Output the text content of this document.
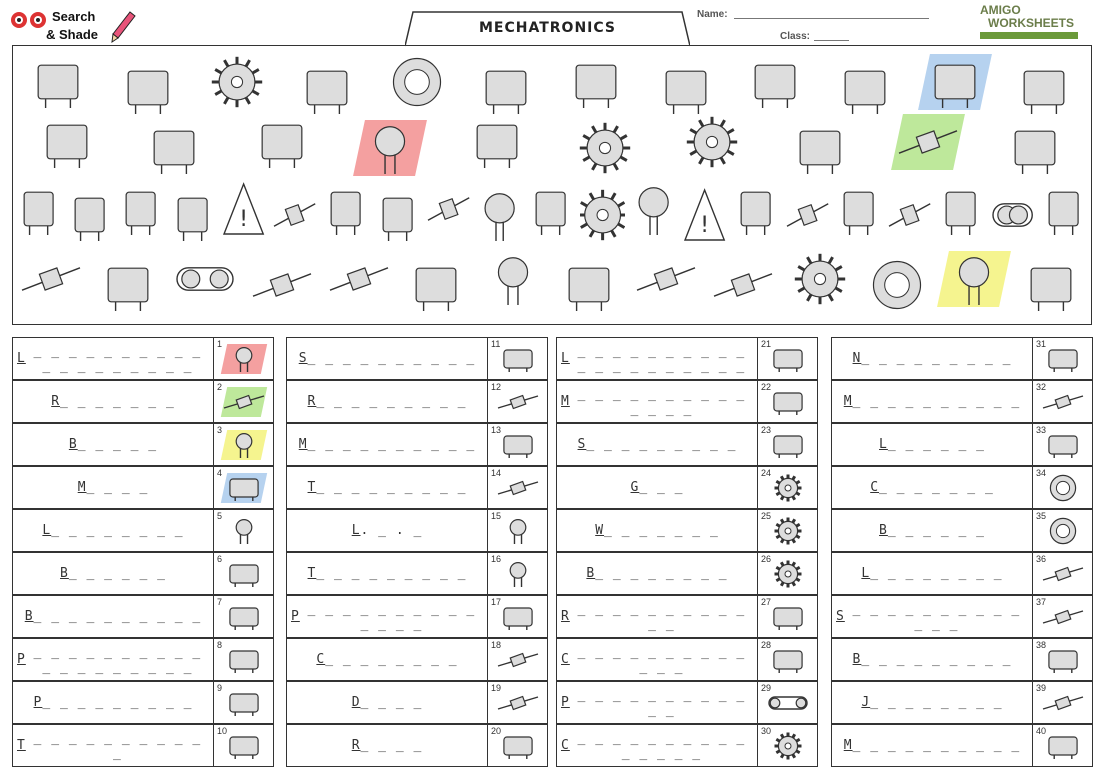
Search
& Shade	MECHATRONICS
Name:
Class:
AMIGO
WORKSHEETS
!	!
L _ _ _ _ _ _ _ _ _ _ _ _ _ _ _ _ _ _ _
1
R _ _ _ _ _ _ _
2
B _ _ _ _ _
3
M _ _ _ _
4
L _ _ _ _ _ _ _ _
5
B _ _ _ _ _ _
6
B _ _ _ _ _ _ _ _ _ _
7
P _ _ _ _ _ _ _ _ _ _ _ _ _ _ _ _ _ _ _
8
P _ _ _ _ _ _ _ _ _
9
T _ _ _ _ _ _ _ _ _ _ _
10
S _ _ _ _ _ _ _ _ _ _
11
R _ _ _ _ _ _ _ _ _
12
M _ _ _ _ _ _ _ _ _ _
13
T _ _ _ _ _ _ _ _ _
14
L . _ . _
15
T _ _ _ _ _ _ _ _ _
16
P _ _ _ _ _ _ _ _ _ _ _ _ _ _
17
C _ _ _ _ _ _ _ _
18
D _ _ _ _
19
R _ _ _ _
20
L _ _ _ _ _ _ _ _ _ _ _ _ _ _ _ _ _ _ _ _
21
M _ _ _ _ _ _ _ _ _ _ _ _ _ _
22
S _ _ _ _ _ _ _ _ _
23
G _ _ _
24
W _ _ _ _ _ _ _
25
B _ _ _ _ _ _ _ _
26
R _ _ _ _ _ _ _ _ _ _ _ _
27
C _ _ _ _ _ _ _ _ _ _ _ _ _
28
P _ _ _ _ _ _ _ _ _ _ _ _
29
C _ _ _ _ _ _ _ _ _ _ _ _ _ _ _
30
N _ _ _ _ _ _ _ _ _
31
M _ _ _ _ _ _ _ _ _ _
32
L _ _ _ _ _ _
33
C _ _ _ _ _ _ _
34
B _ _ _ _ _ _
35
L _ _ _ _ _ _ _ _
36
S _ _ _ _ _ _ _ _ _ _ _ _ _
37
B _ _ _ _ _ _ _ _ _
38
J _ _ _ _ _ _ _ _
39
M _ _ _ _ _ _ _ _ _ _
40
